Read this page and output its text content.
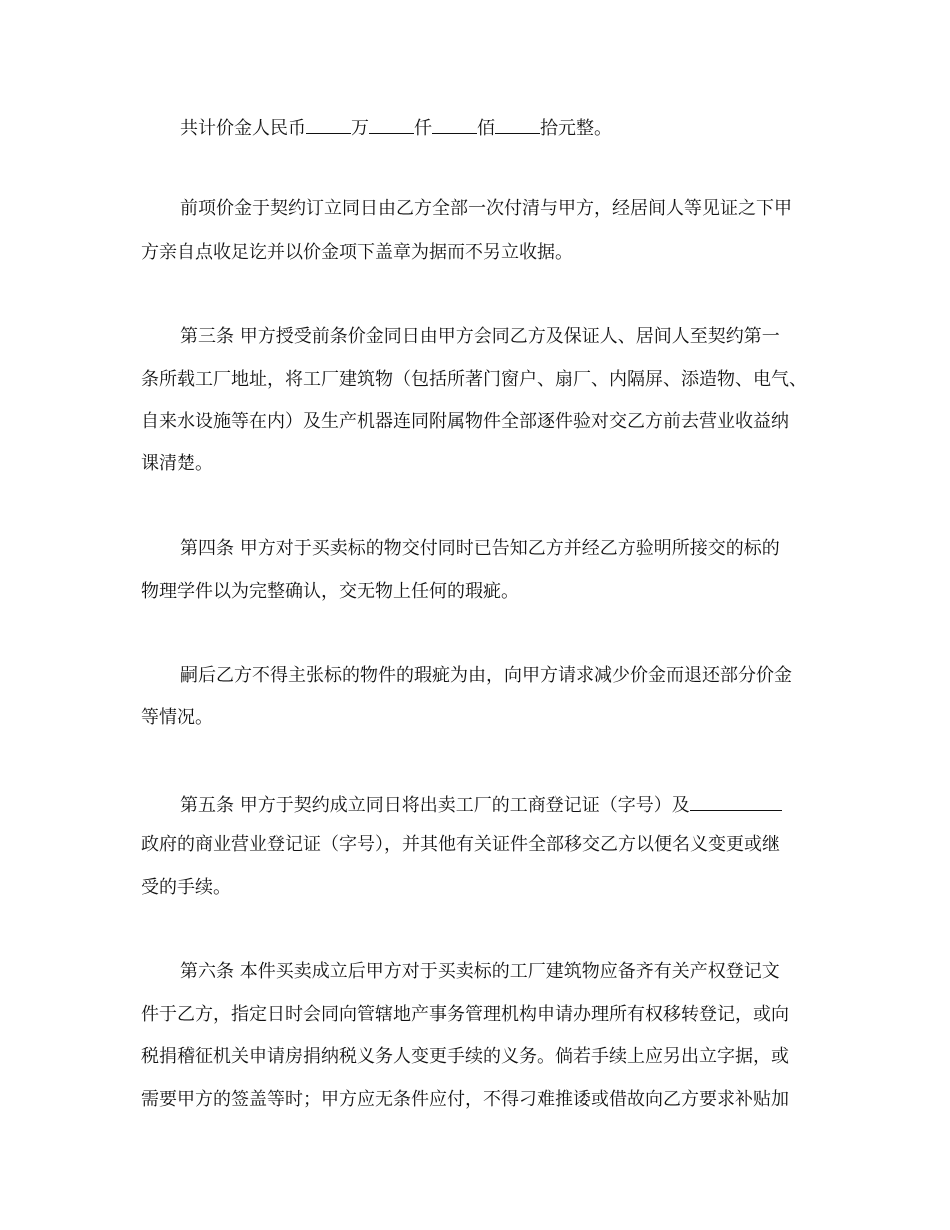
共计价金人民币	万	仟	佰	拾元整。
前项价金于契约订立同日由乙方全部一次付清与甲方，经居间人等见证之下甲
方亲自点收足讫并以价金项下盖章为据而不另立收据。
第三条 甲方授受前条价金同日由甲方会同乙方及保证人、居间人至契约第一
条所载工厂地址，将工厂建筑物（包括所著门窗户、扇厂、内隔屏、添造物、电气、
自来水设施等在内）及生产机器连同附属物件全部逐件验对交乙方前去营业收益纳
课清楚。
第四条 甲方对于买卖标的物交付同时已告知乙方并经乙方验明所接交的标的
物理学件以为完整确认，交无物上任何的瑕疵。
嗣后乙方不得主张标的物件的瑕疵为由，向甲方请求减少价金而退还部分价金
等情况。
第五条 甲方于契约成立同日将出卖工厂的工商登记证（字号）及
政府的商业营业登记证（字号），并其他有关证件全部移交乙方以便名义变更或继
受的手续。
第六条 本件买卖成立后甲方对于买卖标的工厂建筑物应备齐有关产权登记文
件于乙方，指定日时会同向管辖地产事务管理机构申请办理所有权移转登记，或向
税捐稽征机关申请房捐纳税义务人变更手续的义务。倘若手续上应另出立字据，或
需要甲方的签盖等时；甲方应无条件应付，不得刁难推诿或借故向乙方要求补贴加
